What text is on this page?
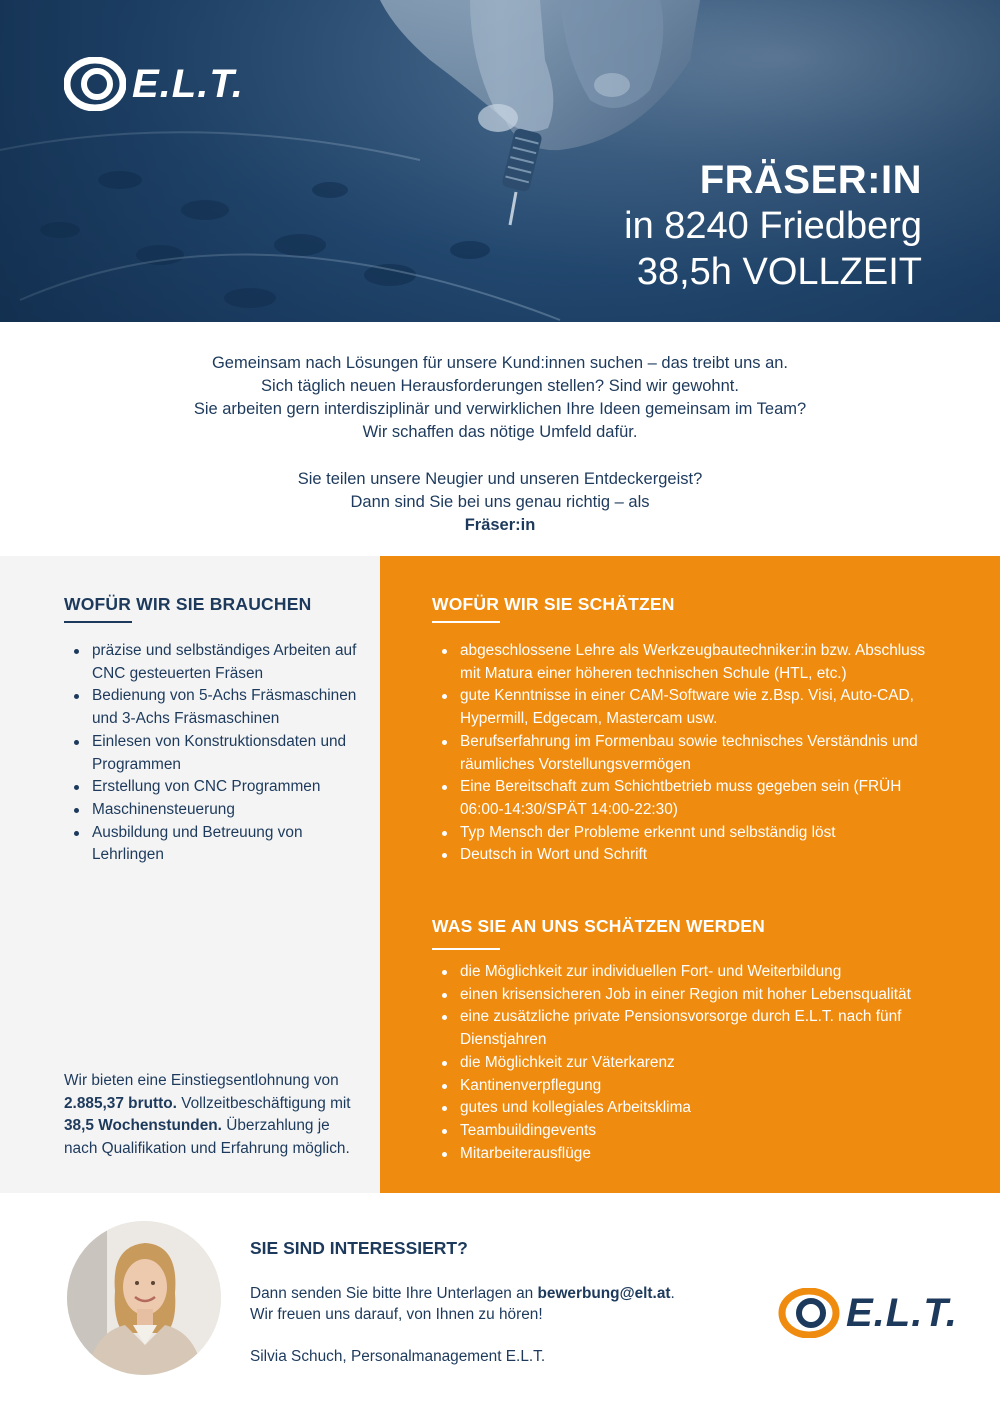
E.L.T.
FRÄSER:IN
in 8240 Friedberg
38,5h VOLLZEIT
Gemeinsam nach Lösungen für unsere Kund:innen suchen – das treibt uns an.
Sich täglich neuen Herausforderungen stellen? Sind wir gewohnt.
Sie arbeiten gern interdisziplinär und verwirklichen Ihre Ideen gemeinsam im Team?
Wir schaffen das nötige Umfeld dafür.
Sie teilen unsere Neugier und unseren Entdeckergeist?
Dann sind Sie bei uns genau richtig – als
Fräser:in
WOFÜR WIR SIE BRAUCHEN
präzise und selbständiges Arbeiten auf CNC gesteuerten Fräsen
Bedienung von 5-Achs Fräsmaschinen und 3-Achs Fräsmaschinen
Einlesen von Konstruktionsdaten und Programmen
Erstellung von CNC Programmen
Maschinensteuerung
Ausbildung und Betreuung von Lehrlingen
Wir bieten eine Einstiegsentlohnung von 2.885,37 brutto. Vollzeitbeschäftigung mit 38,5 Wochenstunden. Überzahlung je nach Qualifikation und Erfahrung möglich.
WOFÜR WIR SIE SCHÄTZEN
abgeschlossene Lehre als Werkzeugbautechniker:in bzw. Abschluss mit Matura einer höheren technischen Schule (HTL, etc.)
gute Kenntnisse in einer CAM-Software wie z.Bsp. Visi, Auto-CAD, Hypermill, Edgecam, Mastercam usw.
Berufserfahrung im Formenbau sowie technisches Verständnis und räumliches Vorstellungsvermögen
Eine Bereitschaft zum Schichtbetrieb muss gegeben sein (FRÜH 06:00-14:30/SPÄT 14:00-22:30)
Typ Mensch der Probleme erkennt und selbständig löst
Deutsch in Wort und Schrift
WAS SIE AN UNS SCHÄTZEN WERDEN
die Möglichkeit zur individuellen Fort- und Weiterbildung
einen krisensicheren Job in einer Region mit hoher Lebensqualität
eine zusätzliche private Pensionsvorsorge durch E.L.T. nach fünf Dienstjahren
die Möglichkeit zur Väterkarenz
Kantinenverpflegung
gutes und kollegiales Arbeitsklima
Teambuildingevents
Mitarbeiterausflüge
SIE SIND INTERESSIERT?
Dann senden Sie bitte Ihre Unterlagen an bewerbung@elt.at.
Wir freuen uns darauf, von Ihnen zu hören!
Silvia Schuch, Personalmanagement E.L.T.
E.L.T.
